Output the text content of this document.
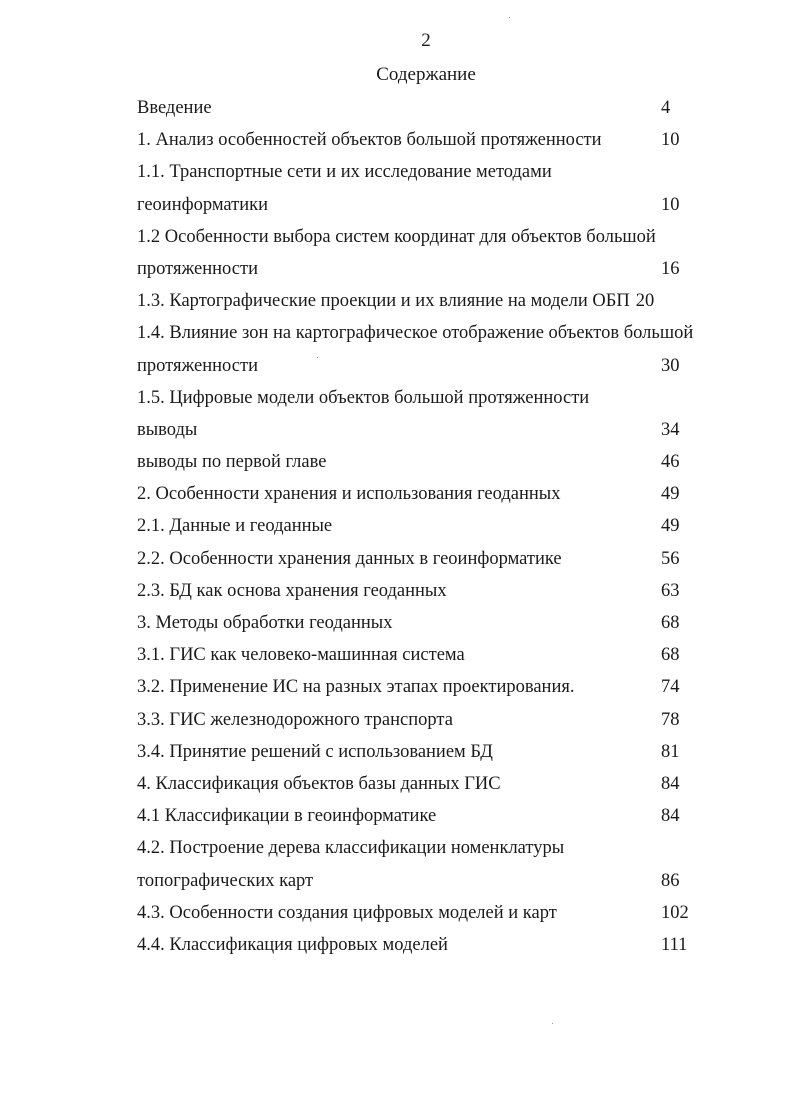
2
Содержание
Введение	4
1. Анализ особенностей объектов большой протяженности	10
1.1. Транспортные сети и их исследование методами
геоинформатики	10
1.2 Особенности выбора систем координат для объектов большой
протяженности	16
1.3. Картографические проекции и их влияние на модели ОБП 20
1.4. Влияние зон на картографическое отображение объектов большой
протяженности	30
1.5. Цифровые модели объектов большой протяженности
выводы	34
выводы по первой главе	46
2. Особенности хранения и использования геоданных	49
2.1. Данные и геоданные	49
2.2. Особенности хранения данных в геоинформатике	56
2.3. БД как основа хранения геоданных	63
3. Методы обработки геоданных	68
3.1. ГИС как человеко-машинная система	68
3.2. Применение ИС на разных этапах проектирования.	74
3.3. ГИС железнодорожного транспорта	78
3.4. Принятие решений с использованием БД	81
4. Классификация объектов базы данных ГИС	84
4.1 Классификации в геоинформатике	84
4.2. Построение дерева классификации номенклатуры
топографических карт	86
4.3. Особенности создания цифровых моделей и карт	102
4.4. Классификация цифровых моделей	111
